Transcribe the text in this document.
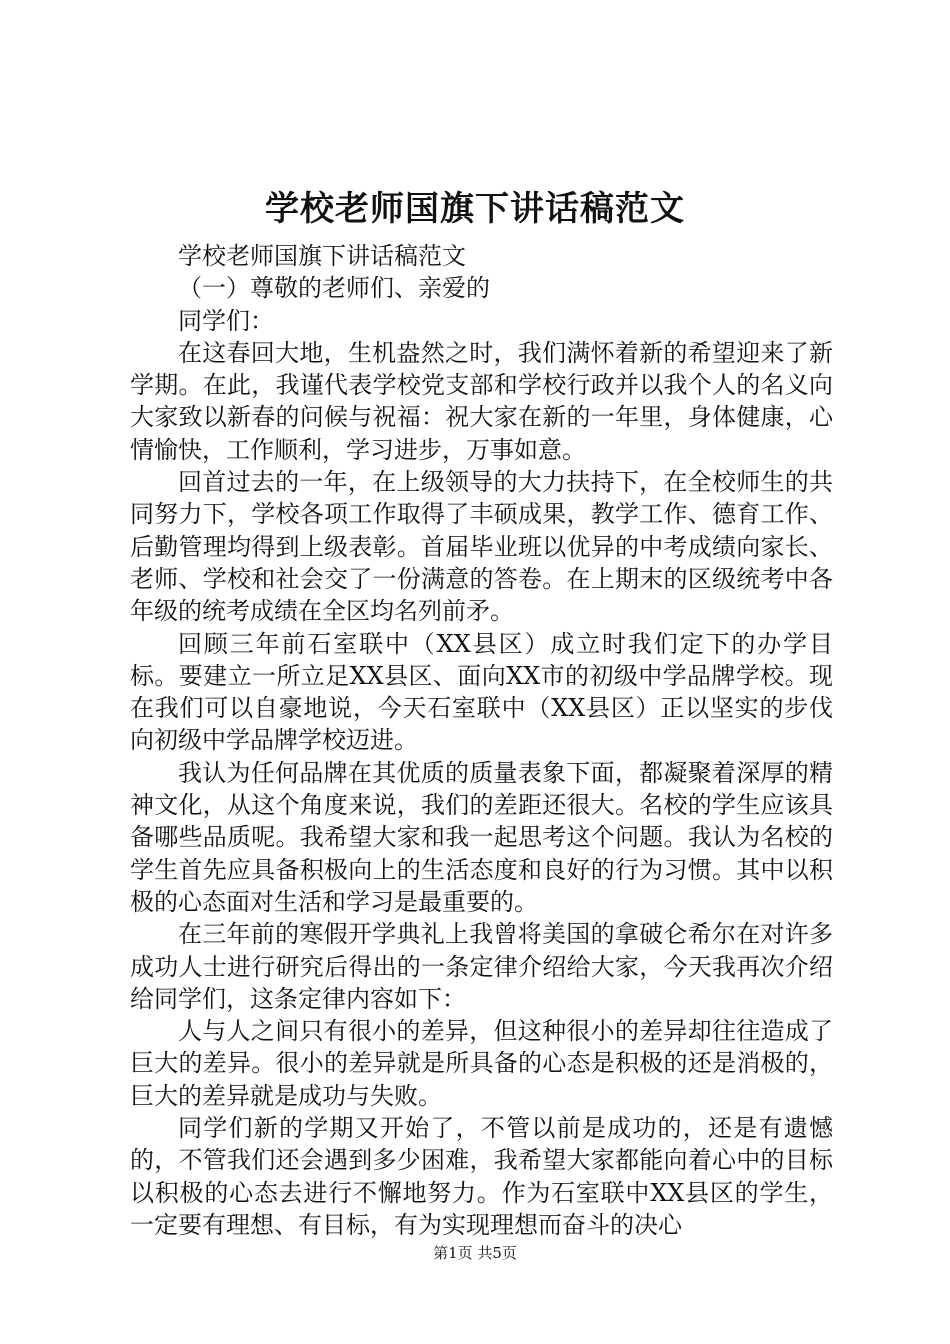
学校老师国旗下讲话稿范文

学校老师国旗下讲话稿范文

（一）尊敬的老师们、亲爱的

同学们：

在这春回大地，生机盎然之时，我们满怀着新的希望迎来了新学期。在此，我谨代表学校党支部和学校行政并以我个人的名义向大家致以新春的问候与祝福：祝大家在新的一年里，身体健康，心情愉快，工作顺利，学习进步，万事如意。

回首过去的一年，在上级领导的大力扶持下，在全校师生的共同努力下，学校各项工作取得了丰硕成果，教学工作、德育工作、后勤管理均得到上级表彰。首届毕业班以优异的中考成绩向家长、老师、学校和社会交了一份满意的答卷。在上期末的区级统考中各年级的统考成绩在全区均名列前矛。

回顾三年前石室联中（XX县区）成立时我们定下的办学目标。要建立一所立足XX县区、面向XX市的初级中学品牌学校。现在我们可以自豪地说，今天石室联中（XX县区）正以坚实的步伐向初级中学品牌学校迈进。

我认为任何品牌在其优质的质量表象下面，都凝聚着深厚的精神文化，从这个角度来说，我们的差距还很大。名校的学生应该具备哪些品质呢。我希望大家和我一起思考这个问题。我认为名校的学生首先应具备积极向上的生活态度和良好的行为习惯。其中以积极的心态面对生活和学习是最重要的。

在三年前的寒假开学典礼上我曾将美国的拿破仑希尔在对许多成功人士进行研究后得出的一条定律介绍给大家，今天我再次介绍给同学们，这条定律内容如下：

人与人之间只有很小的差异，但这种很小的差异却往往造成了巨大的差异。很小的差异就是所具备的心态是积极的还是消极的，巨大的差异就是成功与失败。

同学们新的学期又开始了，不管以前是成功的，还是有遗憾的，不管我们还会遇到多少困难，我希望大家都能向着心中的目标以积极的心态去进行不懈地努力。作为石室联中XX县区的学生，一定要有理想、有目标，有为实现理想而奋斗的决心

第1页 共5页
